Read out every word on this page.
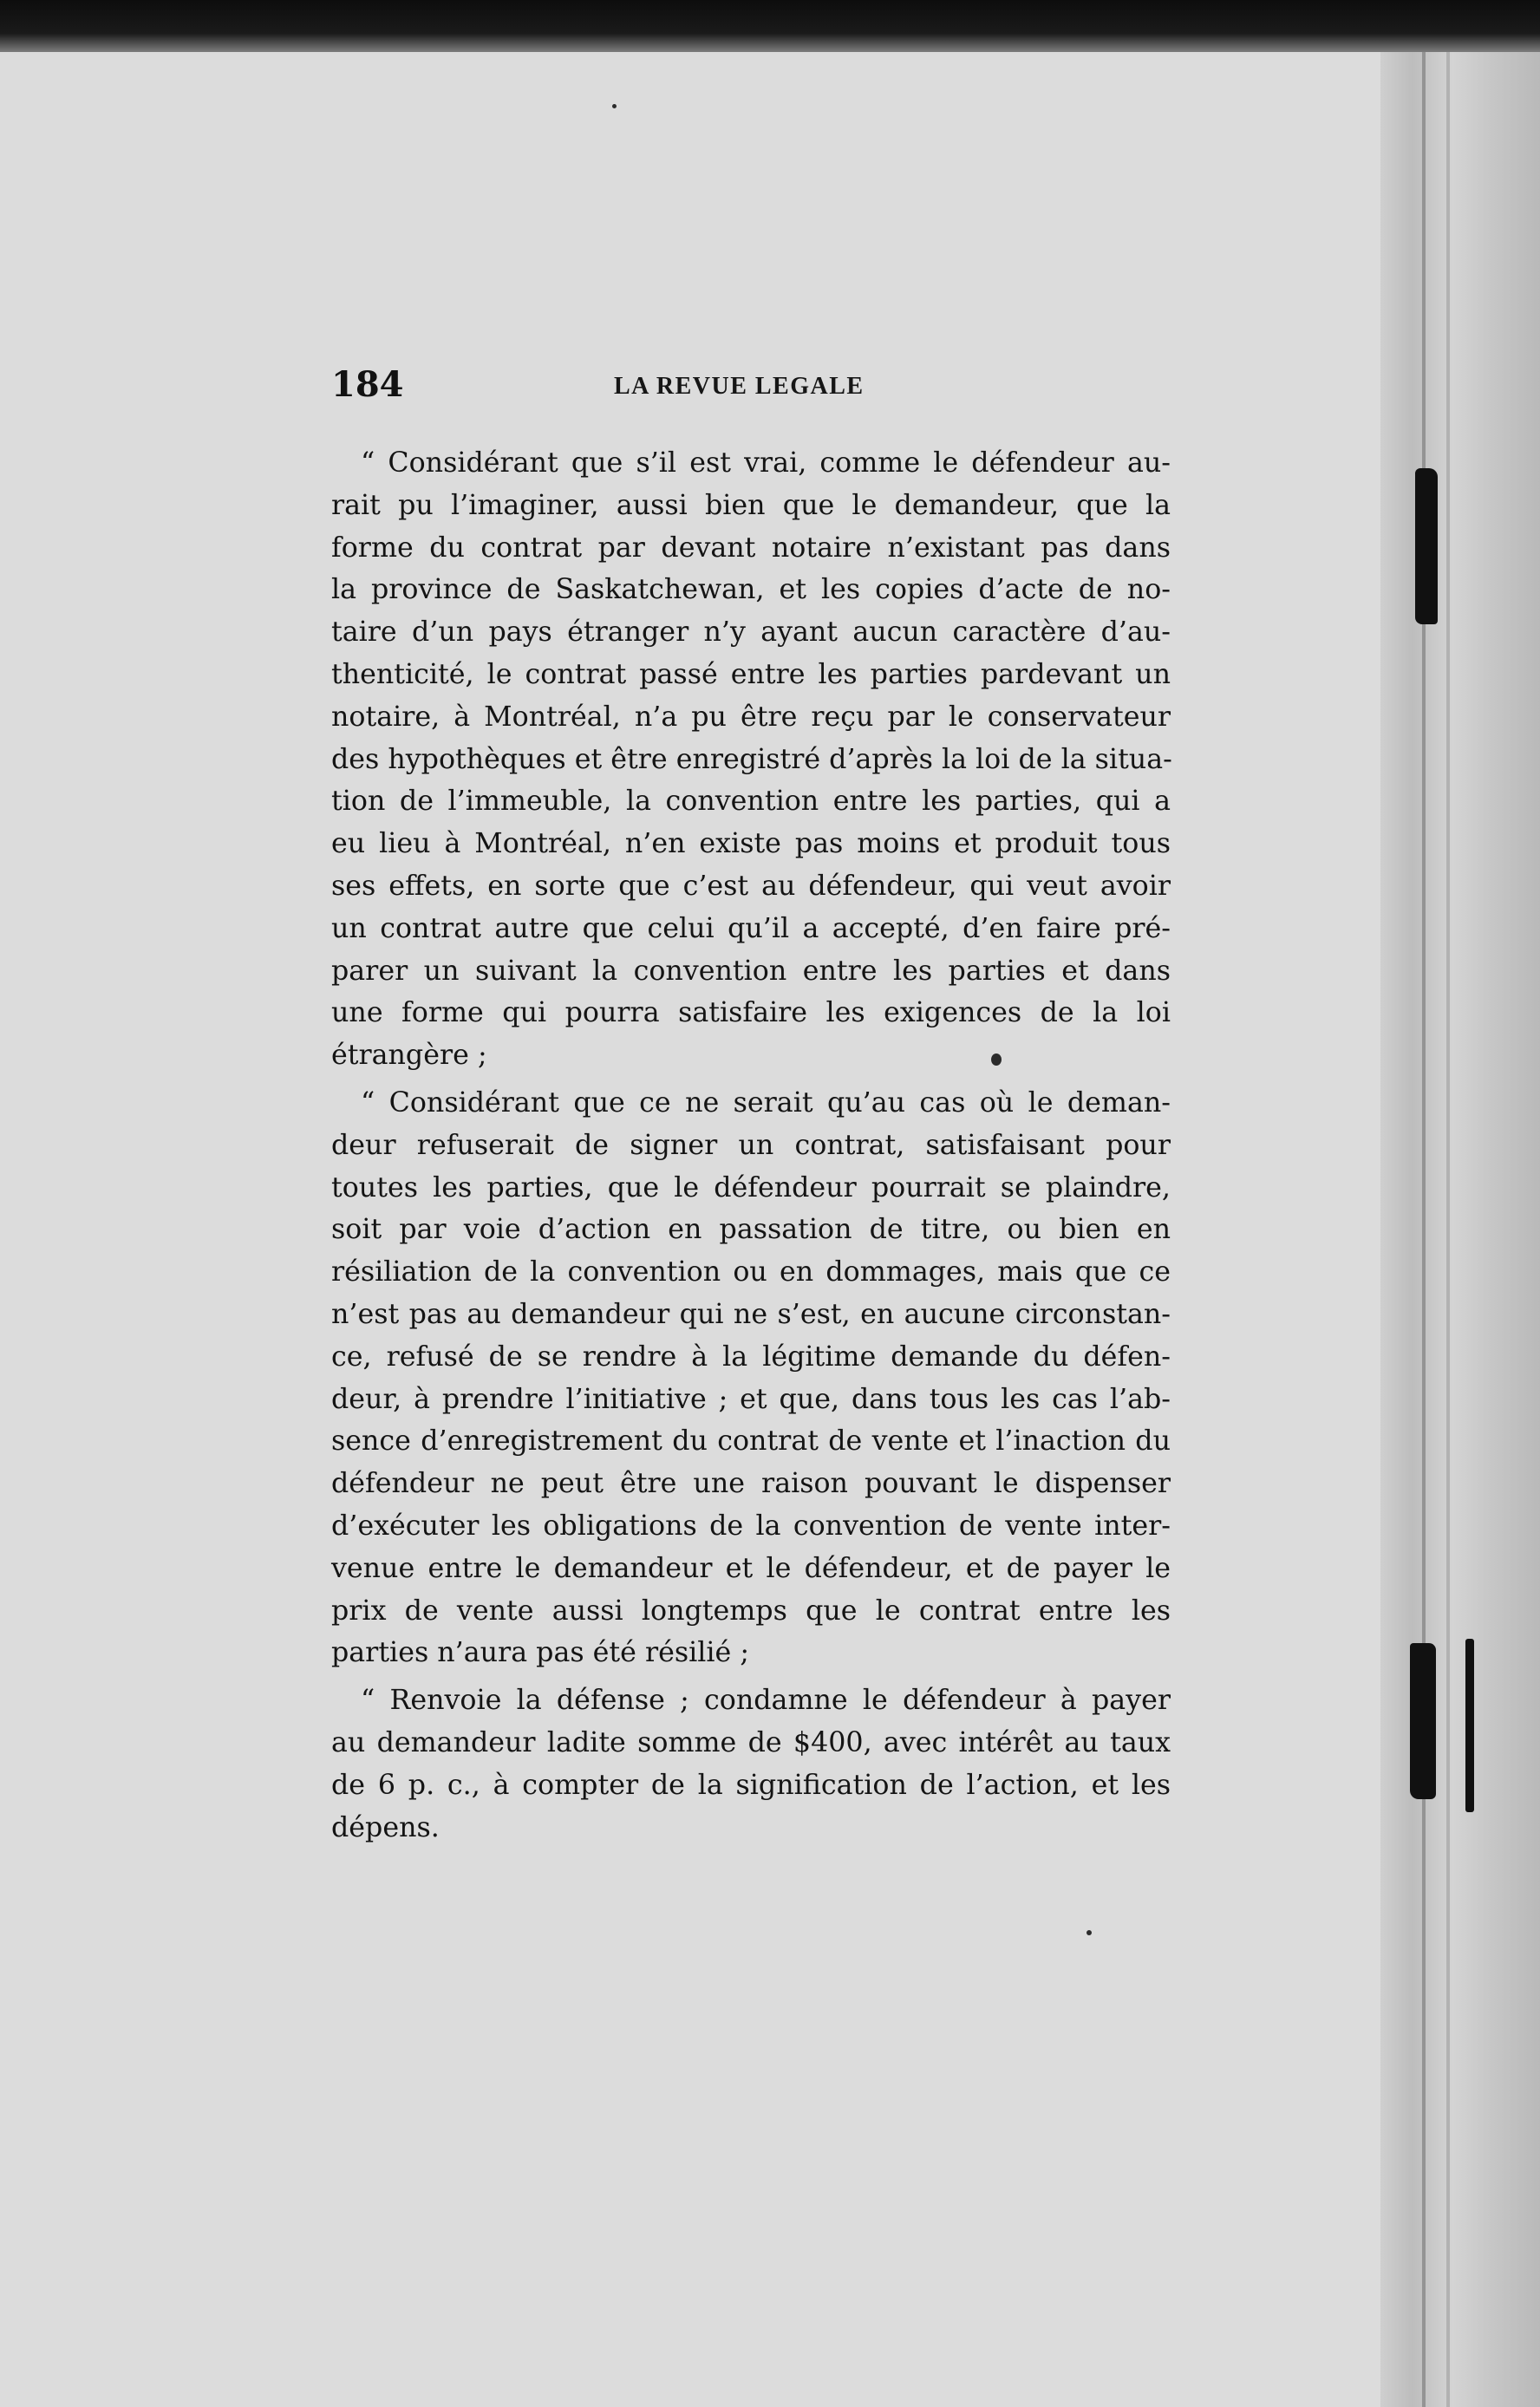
184	LA REVUE LEGALE
“ Considérant que s’il est vrai, comme le défendeur au-
rait pu l’imaginer, aussi bien que le demandeur, que la
forme du contrat par devant notaire n’existant pas dans
la province de Saskatchewan, et les copies d’acte de no-
taire d’un pays étranger n’y ayant aucun caractère d’au-
thenticité, le contrat passé entre les parties pardevant un
notaire, à Montréal, n’a pu être reçu par le conservateur
des hypothèques et être enregistré d’après la loi de la situa-
tion de l’immeuble, la convention entre les parties, qui a
eu lieu à Montréal, n’en existe pas moins et produit tous
ses effets, en sorte que c’est au défendeur, qui veut avoir
un contrat autre que celui qu’il a accepté, d’en faire pré-
parer un suivant la convention entre les parties et dans
une forme qui pourra satisfaire les exigences de la loi
étrangère ;
“ Considérant que ce ne serait qu’au cas où le deman-
deur refuserait de signer un contrat, satisfaisant pour
toutes les parties, que le défendeur pourrait se plaindre,
soit par voie d’action en passation de titre, ou bien en
résiliation de la convention ou en dommages, mais que ce
n’est pas au demandeur qui ne s’est, en aucune circonstan-
ce, refusé de se rendre à la légitime demande du défen-
deur, à prendre l’initiative ; et que, dans tous les cas l’ab-
sence d’enregistrement du contrat de vente et l’inaction du
défendeur ne peut être une raison pouvant le dispenser
d’exécuter les obligations de la convention de vente inter-
venue entre le demandeur et le défendeur, et de payer le
prix de vente aussi longtemps que le contrat entre les
parties n’aura pas été résilié ;
“ Renvoie la défense ; condamne le défendeur à payer
au demandeur ladite somme de $400, avec intérêt au taux
de 6 p. c., à compter de la signification de l’action, et les
dépens.
